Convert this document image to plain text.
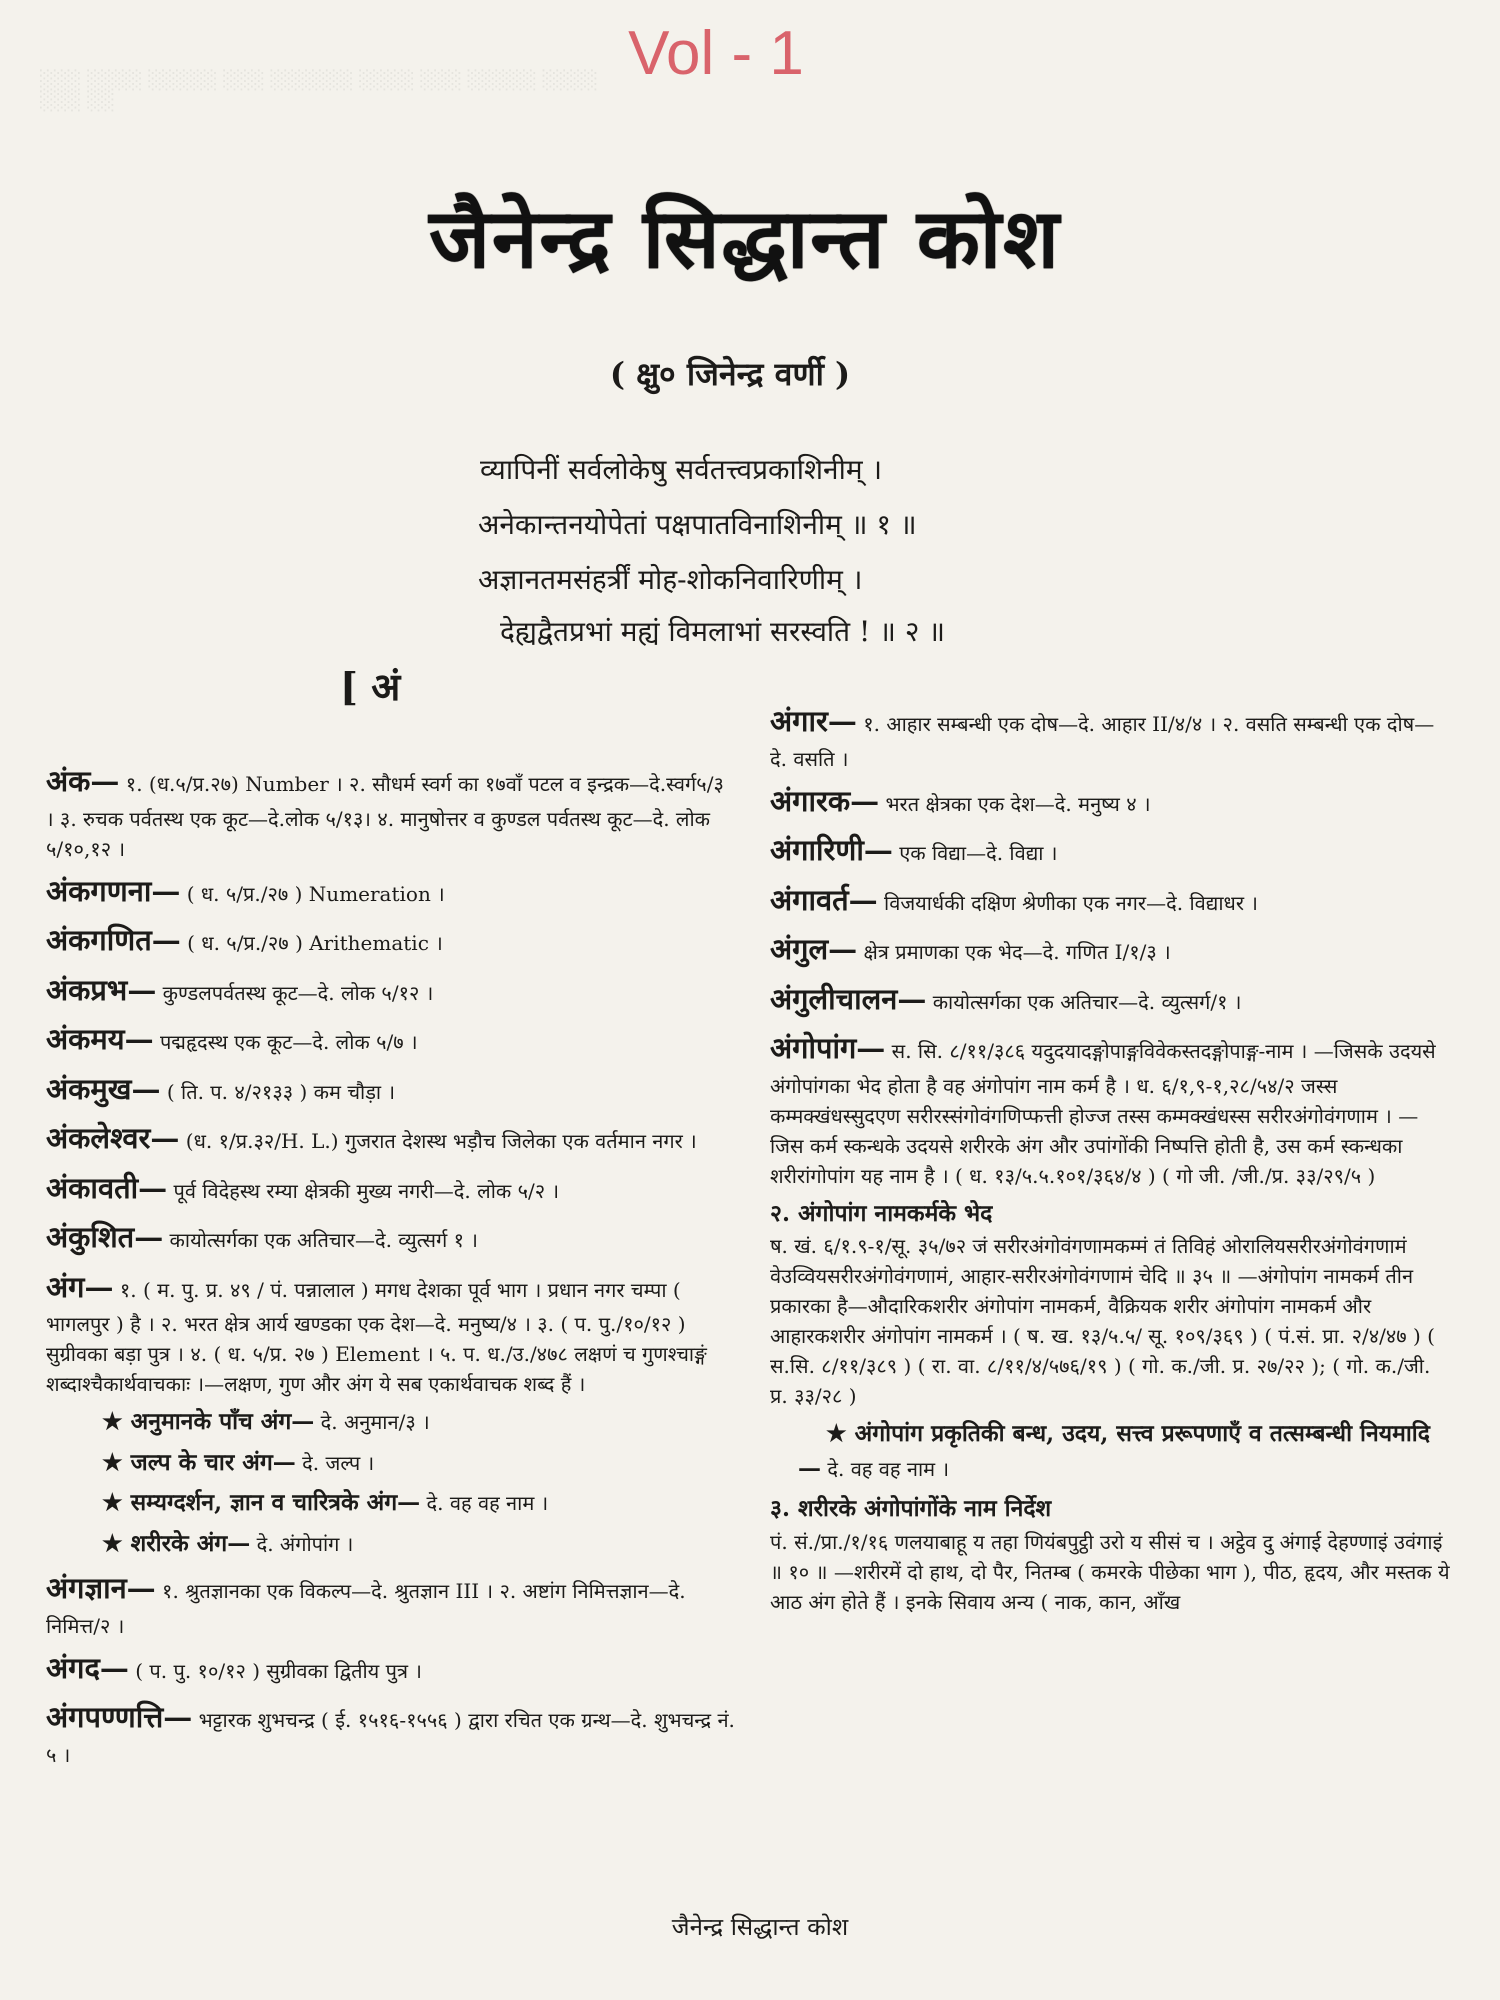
░░░ ░░░░ ░░░░░ ░░░ ░░░░░░ ░░░░ ░░░ ░░░░░ ░░░░ ░░░ ░░
Vol - 1
जैनेन्द्र सिद्धान्त कोश
( क्षु० जिनेन्द्र वर्णी )
व्यापिनीं सर्वलोकेषु सर्वतत्त्वप्रकाशिनीम् ।
अनेकान्तनयोपेतां पक्षपातविनाशिनीम् ॥ १ ॥
अज्ञानतमसंहर्त्रीं मोह-शोकनिवारिणीम् ।
देह्यद्वैतप्रभां मह्यं विमलाभां सरस्वति ! ॥ २ ॥
[ अं
अंक— १. (ध.५/प्र.२७) Number । २. सौधर्म स्वर्ग का १७वाँ पटल व इन्द्रक—दे.स्वर्ग५/३ । ३. रुचक पर्वतस्थ एक कूट—दे.लोक ५/१३। ४. मानुषोत्तर व कुण्डल पर्वतस्थ कूट—दे. लोक ५/१०,१२ ।
अंकगणना— ( ध. ५/प्र./२७ ) Numeration ।
अंकगणित— ( ध. ५/प्र./२७ ) Arithematic ।
अंकप्रभ— कुण्डलपर्वतस्थ कूट—दे. लोक ५/१२ ।
अंकमय— पद्महृदस्थ एक कूट—दे. लोक ५/७ ।
अंकमुख— ( ति. प. ४/२१३३ ) कम चौड़ा ।
अंकलेश्वर— (ध. १/प्र.३२/H. L.) गुजरात देशस्थ भड़ौच जिलेका एक वर्तमान नगर ।
अंकावती— पूर्व विदेहस्थ रम्या क्षेत्रकी मुख्य नगरी—दे. लोक ५/२ ।
अंकुशित— कायोत्सर्गका एक अतिचार—दे. व्युत्सर्ग १ ।
अंग— १. ( म. पु. प्र. ४९ / पं. पन्नालाल ) मगध देशका पूर्व भाग । प्रधान नगर चम्पा ( भागलपुर ) है । २. भरत क्षेत्र आर्य खण्डका एक देश—दे. मनुष्य/४ । ३. ( प. पु./१०/१२ ) सुग्रीवका बड़ा पुत्र । ४. ( ध. ५/प्र. २७ ) Element । ५. प. ध./उ./४७८ लक्षणं च गुणश्चाङ्गं शब्दाश्चैकार्थवाचकाः ।—लक्षण, गुण और अंग ये सब एकार्थवाचक शब्द हैं ।
★ अनुमानके पाँच अंग— दे. अनुमान/३ ।
★ जल्प के चार अंग— दे. जल्प ।
★ सम्यग्दर्शन, ज्ञान व चारित्रके अंग— दे. वह वह नाम ।
★ शरीरके अंग— दे. अंगोपांग ।
अंगज्ञान— १. श्रुतज्ञानका एक विकल्प—दे. श्रुतज्ञान III । २. अष्टांग निमित्तज्ञान—दे. निमित्त/२ ।
अंगद— ( प. पु. १०/१२ ) सुग्रीवका द्वितीय पुत्र ।
अंगपण्णत्ति— भट्टारक शुभचन्द्र ( ई. १५१६-१५५६ ) द्वारा रचित एक ग्रन्थ—दे. शुभचन्द्र नं. ५ ।
अंगार— १. आहार सम्बन्धी एक दोष—दे. आहार II/४/४ । २. वसति सम्बन्धी एक दोष—दे. वसति ।
अंगारक— भरत क्षेत्रका एक देश—दे. मनुष्य ४ ।
अंगारिणी— एक विद्या—दे. विद्या ।
अंगावर्त— विजयार्धकी दक्षिण श्रेणीका एक नगर—दे. विद्याधर ।
अंगुल— क्षेत्र प्रमाणका एक भेद—दे. गणित I/१/३ ।
अंगुलीचालन— कायोत्सर्गका एक अतिचार—दे. व्युत्सर्ग/१ ।
अंगोपांग— स. सि. ८/११/३८६ यदुदयादङ्गोपाङ्गविवेकस्तदङ्गोपाङ्ग-नाम । —जिसके उदयसे अंगोपांगका भेद होता है वह अंगोपांग नाम कर्म है । ध. ६/१,९-१,२८/५४/२ जस्स कम्मक्खंधस्सुदएण सरीरस्संगोवंगणिप्फत्ती होज्ज तस्स कम्मक्खंधस्स सरीरअंगोवंगणाम । —जिस कर्म स्कन्धके उदयसे शरीरके अंग और उपांगोंकी निष्पत्ति होती है, उस कर्म स्कन्धका शरीरांगोपांग यह नाम है । ( ध. १३/५.५.१०१/३६४/४ ) ( गो जी. /जी./प्र. ३३/२९/५ )
२. अंगोपांग नामकर्मके भेद
ष. खं. ६/१.९-१/सू. ३५/७२ जं सरीरअंगोवंगणामकम्मं तं तिविहं ओरालियसरीरअंगोवंगणामं वेउव्वियसरीरअंगोवंगणामं, आहार-सरीरअंगोवंगणामं चेदि ॥ ३५ ॥ —अंगोपांग नामकर्म तीन प्रकारका है—औदारिकशरीर अंगोपांग नामकर्म, वैक्रियक शरीर अंगोपांग नामकर्म और आहारकशरीर अंगोपांग नामकर्म । ( ष. ख. १३/५.५/ सू. १०९/३६९ ) ( पं.सं. प्रा. २/४/४७ ) ( स.सि. ८/११/३८९ ) ( रा. वा. ८/११/४/५७६/१९ ) ( गो. क./जी. प्र. २७/२२ ); ( गो. क./जी. प्र. ३३/२८ )
★ अंगोपांग प्रकृतिकी बन्ध, उदय, सत्त्व प्ररूपणाएँ व तत्सम्बन्धी नियमादि— दे. वह वह नाम ।
३. शरीरके अंगोपांगोंके नाम निर्देश
पं. सं./प्रा./१/१६ णलयाबाहू य तहा णियंबपुट्ठी उरो य सीसं च । अट्ठेव दु अंगाई देहण्णाइं उवंगाइं ॥ १० ॥ —शरीरमें दो हाथ, दो पैर, नितम्ब ( कमरके पीछेका भाग ), पीठ, हृदय, और मस्तक ये आठ अंग होते हैं । इनके सिवाय अन्य ( नाक, कान, आँख
जैनेन्द्र सिद्धान्त कोश
